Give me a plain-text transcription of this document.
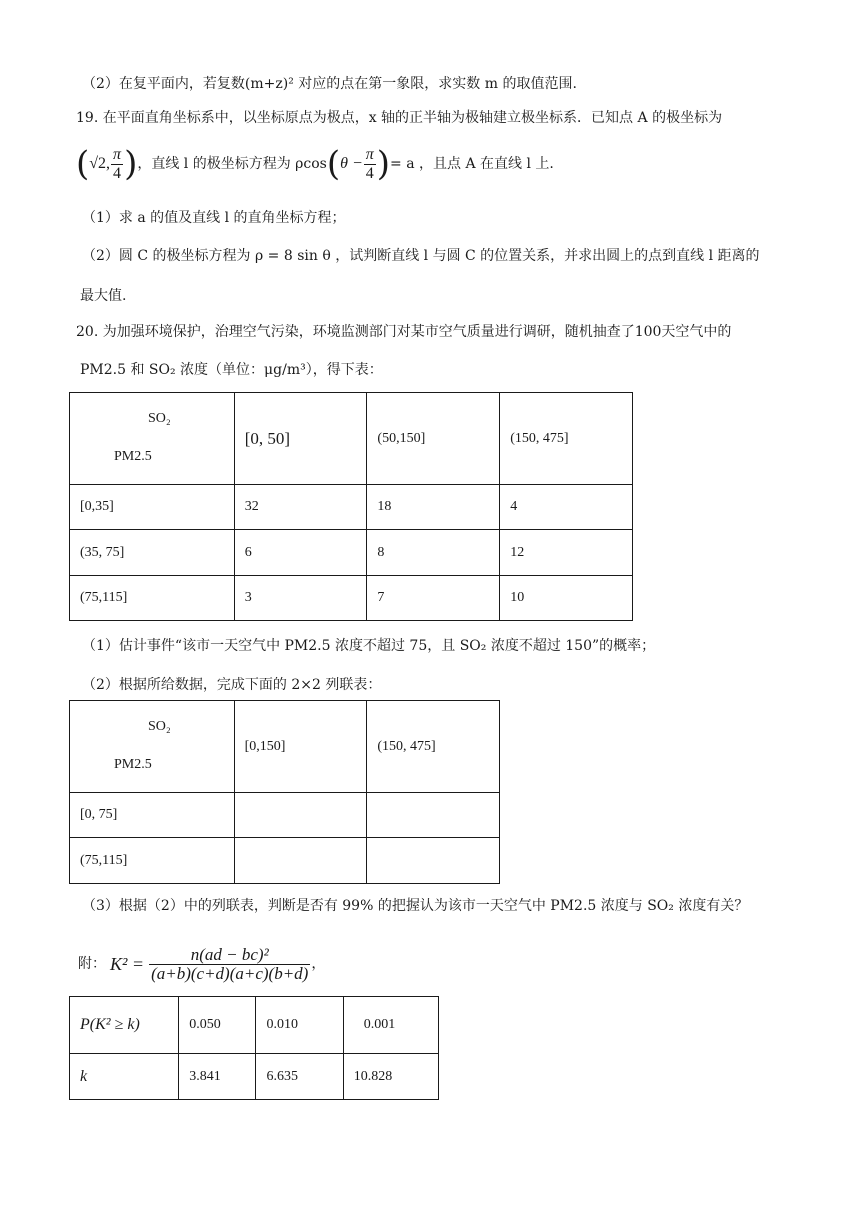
（2）在复平面内，若复数(m+z)² 对应的点在第一象限，求实数 m 的取值范围.
19. 在平面直角坐标系中，以坐标原点为极点，x 轴的正半轴为极轴建立极坐标系．已知点 A 的极坐标为
( √2, $\frac{\pi}{4}$ ) ，直线 l 的极坐标方程为 ρcos ( $\theta - \frac{\pi}{4}$ ) = a ，且点 A 在直线 l 上.
（1）求 a 的值及直线 l 的直角坐标方程；
（2）圆 C 的极坐标方程为 ρ = 8 sin θ ，试判断直线 l 与圆 C 的位置关系，并求出圆上的点到直线 l 距离的
最大值.
20. 为加强环境保护，治理空气污染，环境监测部门对某市空气质量进行调研，随机抽查了100天空气中的
PM2.5 和 SO₂ 浓度（单位：μg/m³），得下表：
SO₂
PM2.5	[0, 50]	(50,150]	(150, 475]
[0,35]	32	18	4
(35, 75]	6	8	12
(75,115]	3	7	10
（1）估计事件“该市一天空气中 PM2.5 浓度不超过 75，且 SO₂ 浓度不超过 150”的概率；
（2）根据所给数据，完成下面的 2×2 列联表：
SO₂
PM2.5	[0,150]	(150, 475]
[0, 75]		
(75,115]		
（3）根据（2）中的列联表，判断是否有 99% 的把握认为该市一天空气中 PM2.5 浓度与 SO₂ 浓度有关？
附： $K^2 = \frac{\text{n(ad − bc)²}}{(a+b)(c+d)(a+c)(b+d)}$ ，
P(K² ≥ k)	0.050	0.010	0.001
k	3.841	6.635	10.828
